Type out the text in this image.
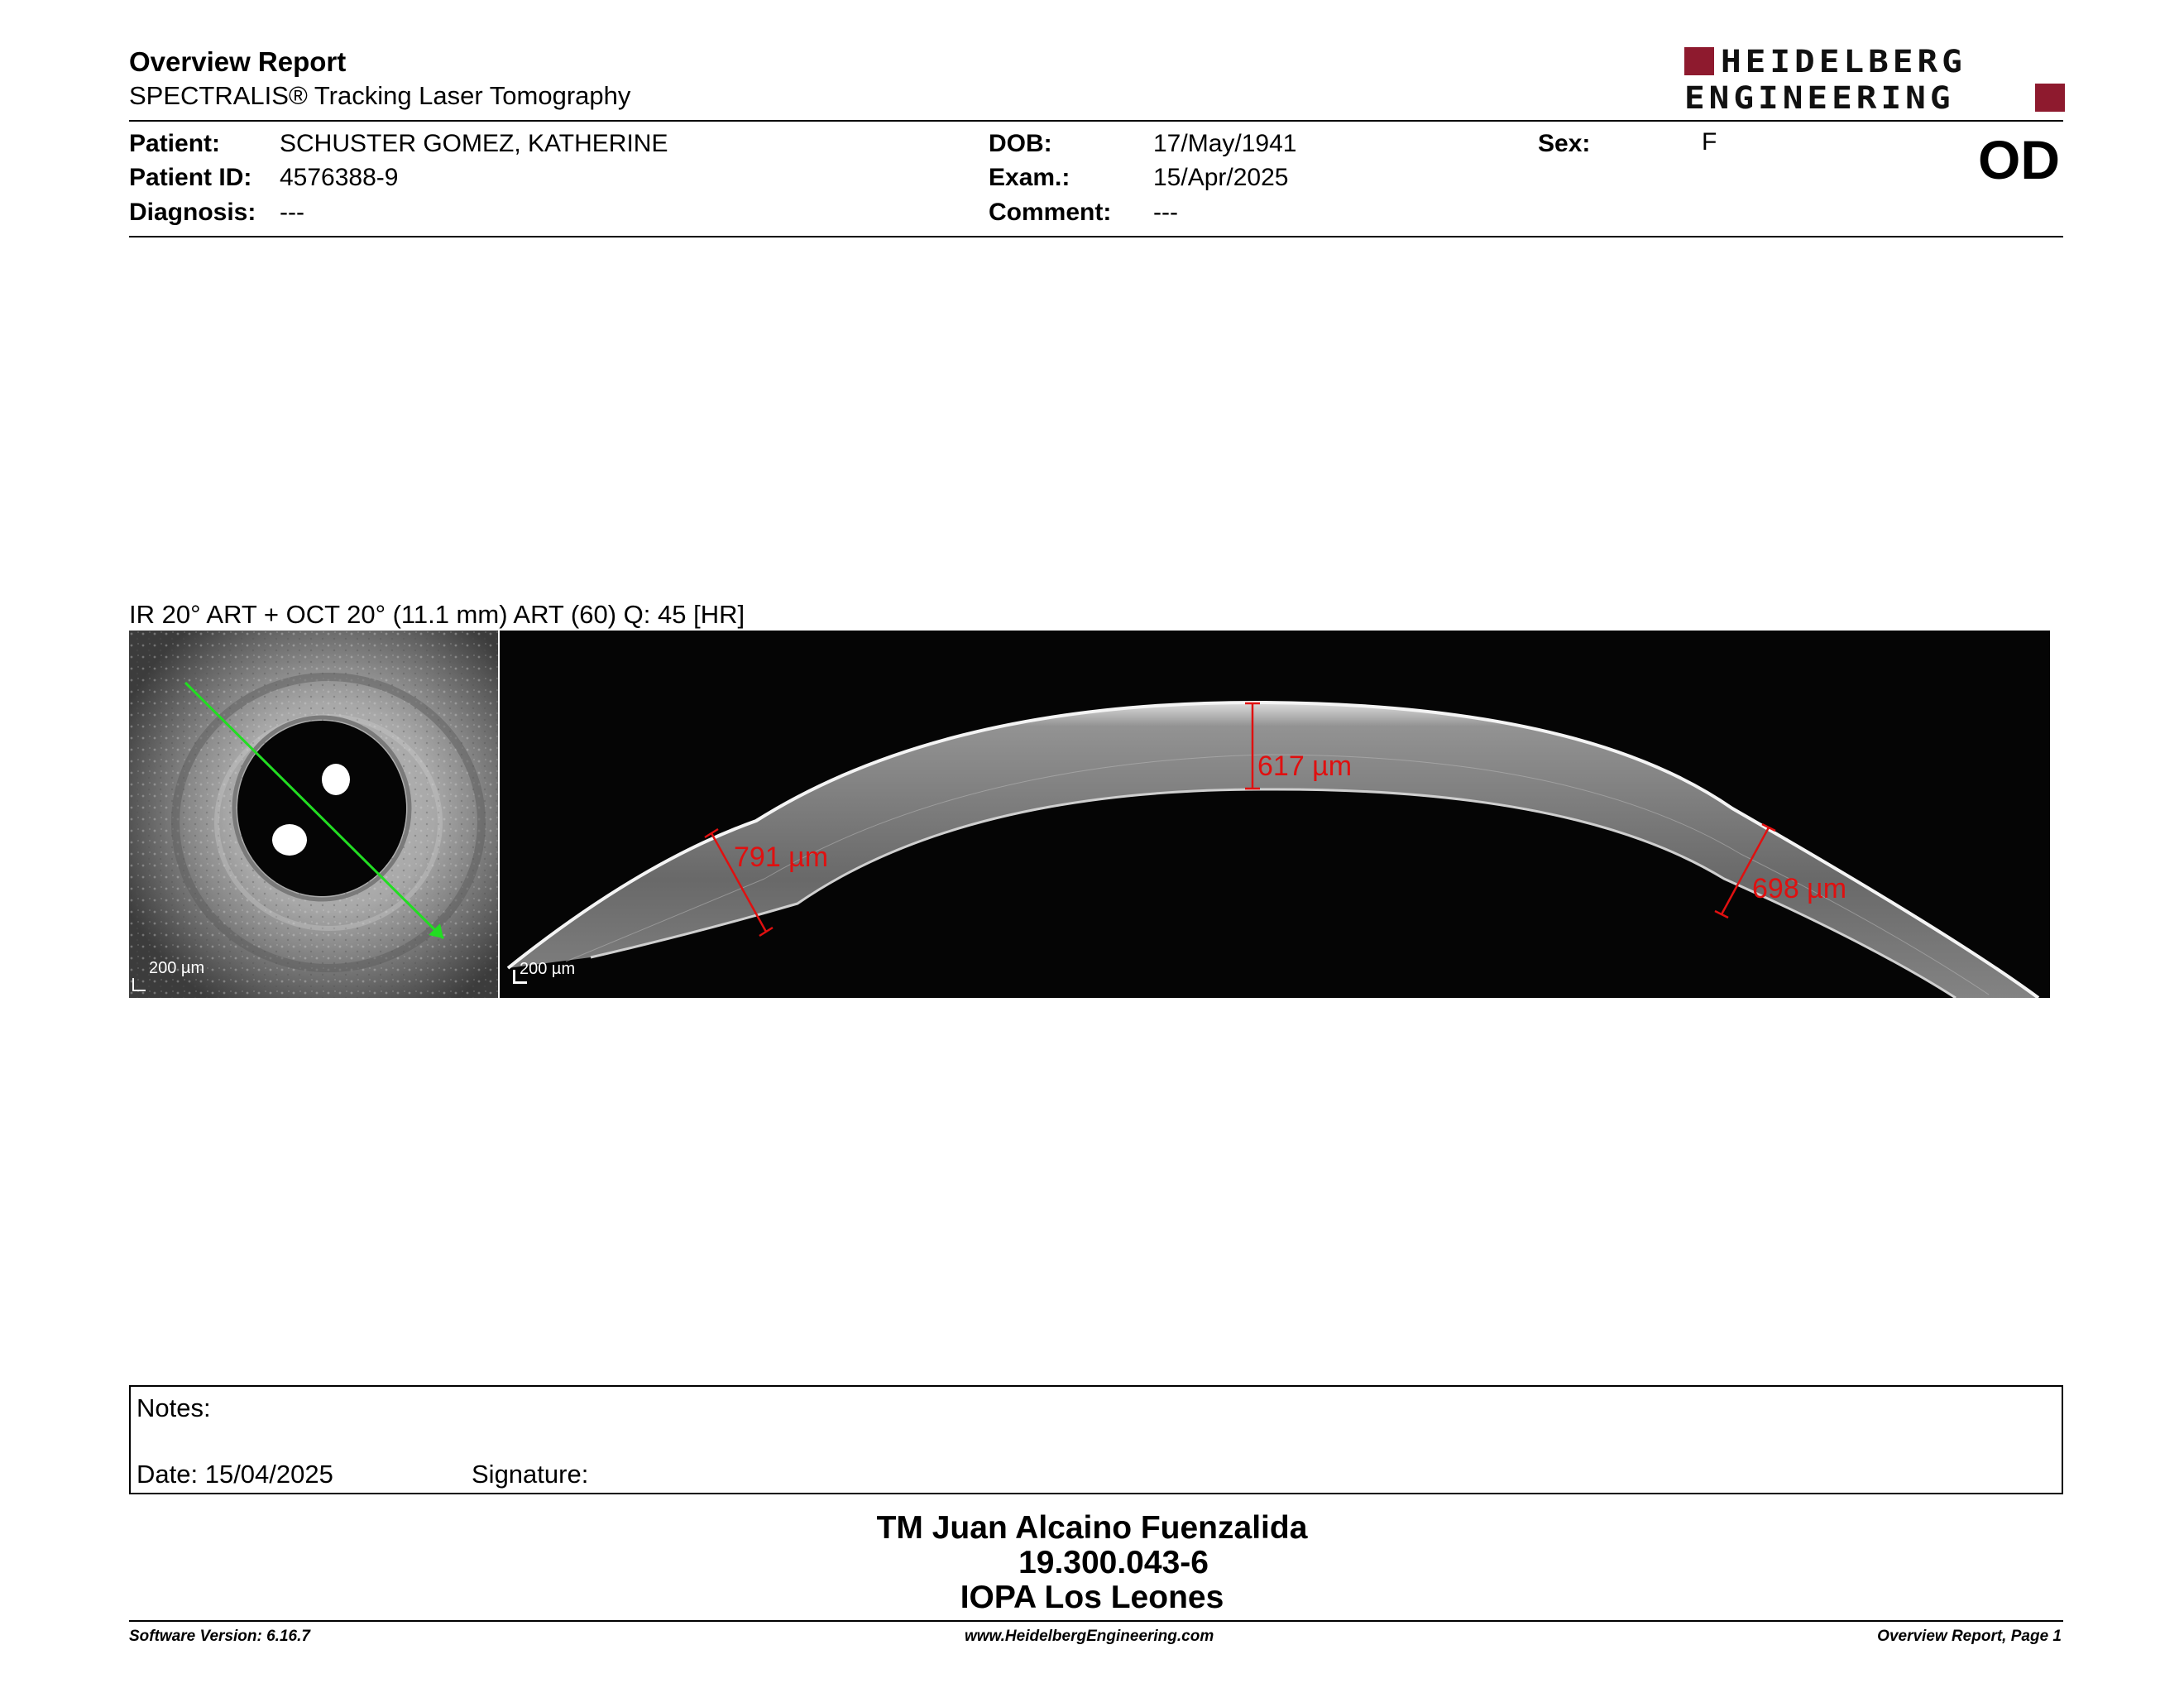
Overview Report
SPECTRALIS® Tracking Laser Tomography
HEIDELBERG
ENGINEERING
Patient: SCHUSTER GOMEZ, KATHERINE
Patient ID: 4576388-9
Diagnosis: ---
DOB:	17/May/1941
Exam.:	15/Apr/2025
Comment: ---
Sex:	F	OD
IR 20° ART + OCT 20° (11.1 mm) ART (60) Q: 45 [HR]
200 µm
791 µm
617 µm
698 µm
200 µm
Notes:
Date: 15/04/2025	Signature:
TM Juan Alcaino Fuenzalida
19.300.043-6
IOPA Los Leones
Software Version: 6.16.7	www.HeidelbergEngineering.com	Overview Report, Page 1
